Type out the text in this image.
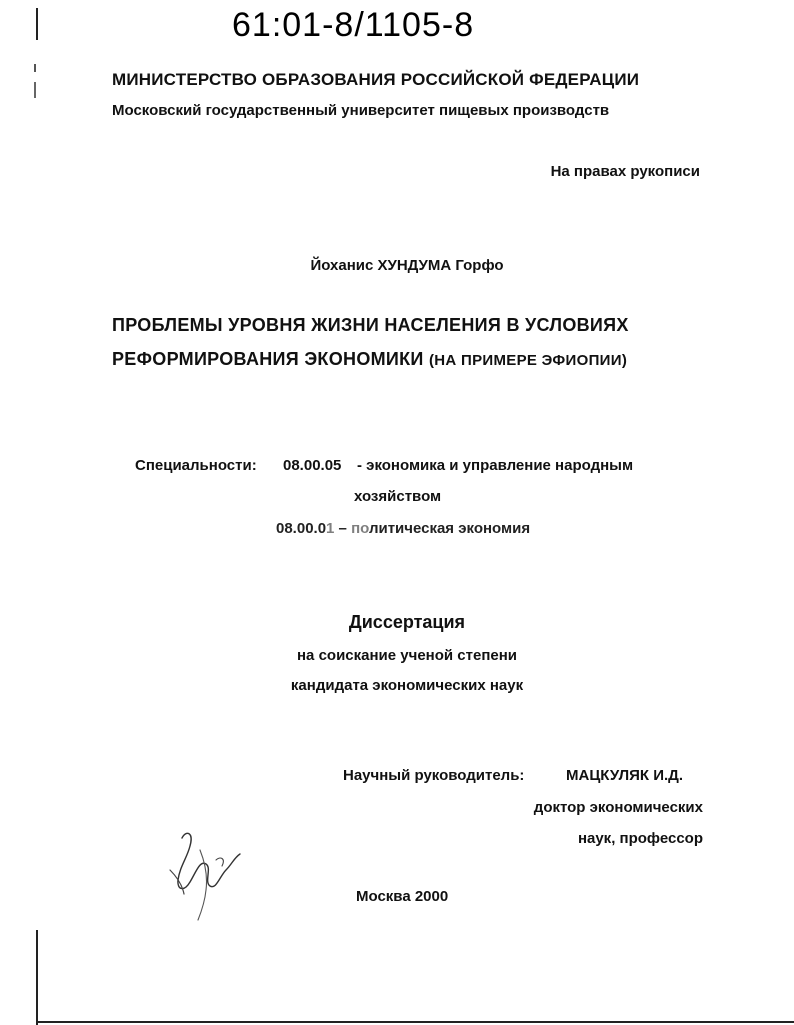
61:01-8/1105-8
МИНИСТЕРСТВО ОБРАЗОВАНИЯ РОССИЙСКОЙ ФЕДЕРАЦИИ
Московский государственный университет пищевых производств
На правах рукописи
Йоханис ХУНДУМА Горфо
ПРОБЛЕМЫ УРОВНЯ ЖИЗНИ НАСЕЛЕНИЯ В УСЛОВИЯХ
РЕФОРМИРОВАНИЯ ЭКОНОМИКИ (НА ПРИМЕРЕ ЭФИОПИИ)
Специальности: 08.00.05 - экономика и управление народным
хозяйством
08.00.01 – политическая экономия
Диссертация
на соискание ученой степени
кандидата экономических наук
Научный руководитель:	МАЦКУЛЯК И.Д.
доктор экономических
наук, профессор
Москва 2000
